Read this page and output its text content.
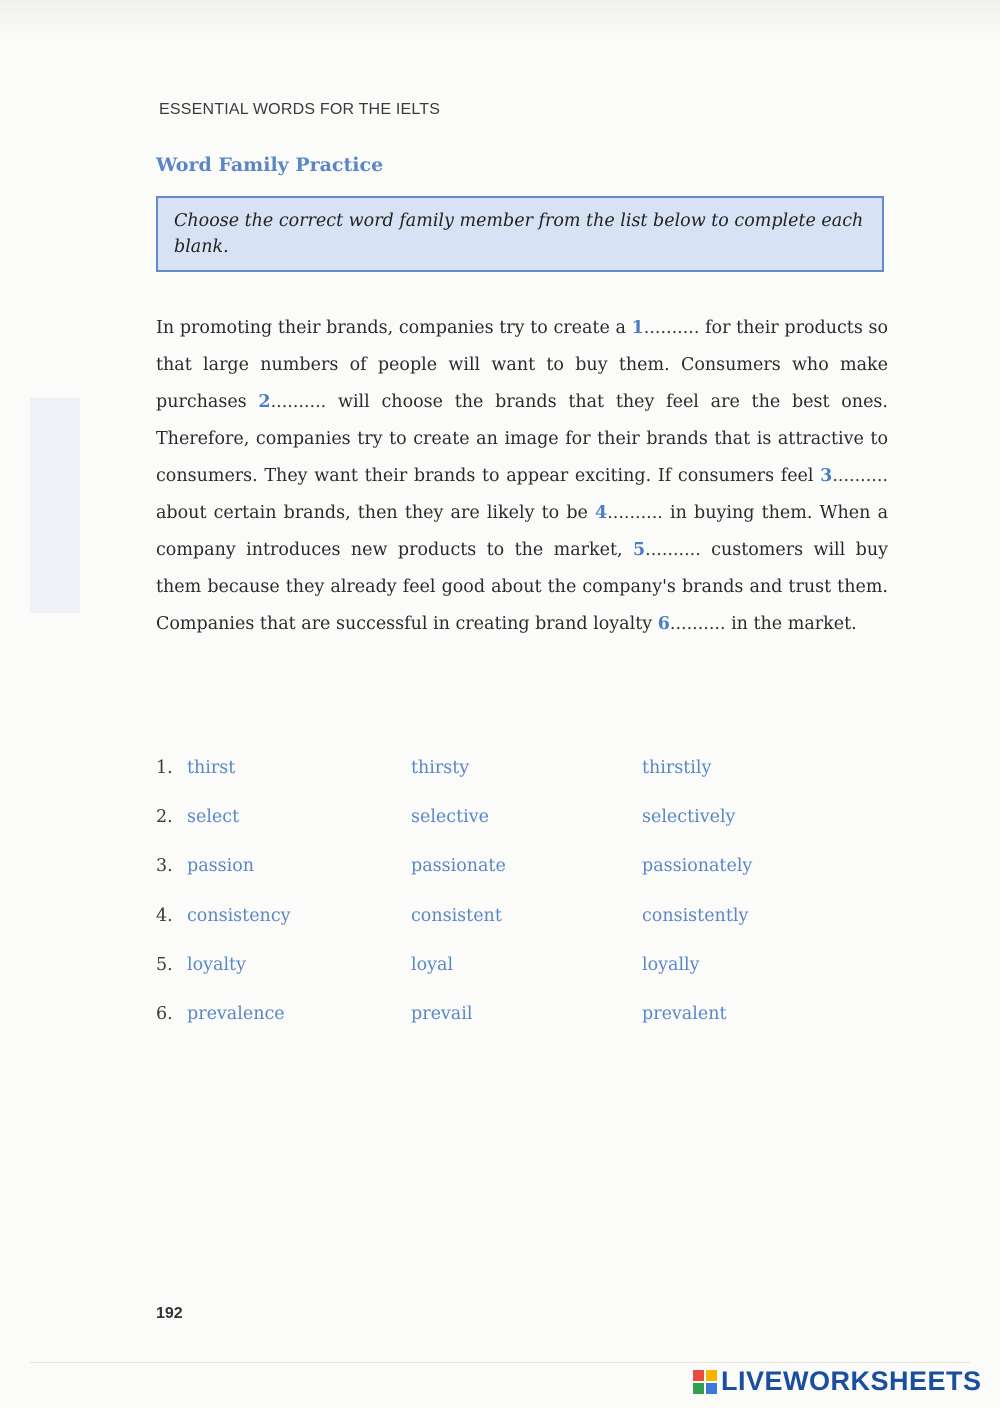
ESSENTIAL WORDS FOR THE IELTS
Word Family Practice
Choose the correct word family member from the list below to complete each blank.
In promoting their brands, companies try to create a 1.......... for their products so that large numbers of people will want to buy them. Consumers who make purchases 2.......... will choose the brands that they feel are the best ones. Therefore, companies try to create an image for their brands that is attractive to consumers. They want their brands to appear exciting. If consumers feel 3.......... about certain brands, then they are likely to be 4.......... in buying them. When a company introduces new products to the market, 5.......... customers will buy them because they already feel good about the company's brands and trust them. Companies that are successful in creating brand loyalty 6.......... in the market.
1. thirst	thirsty	thirstily
2. select	selective	selectively
3. passion	passionate	passionately
4. consistency	consistent	consistently
5. loyalty	loyal	loyally
6. prevalence	prevail	prevalent
192
LIVEWORKSHEETS
